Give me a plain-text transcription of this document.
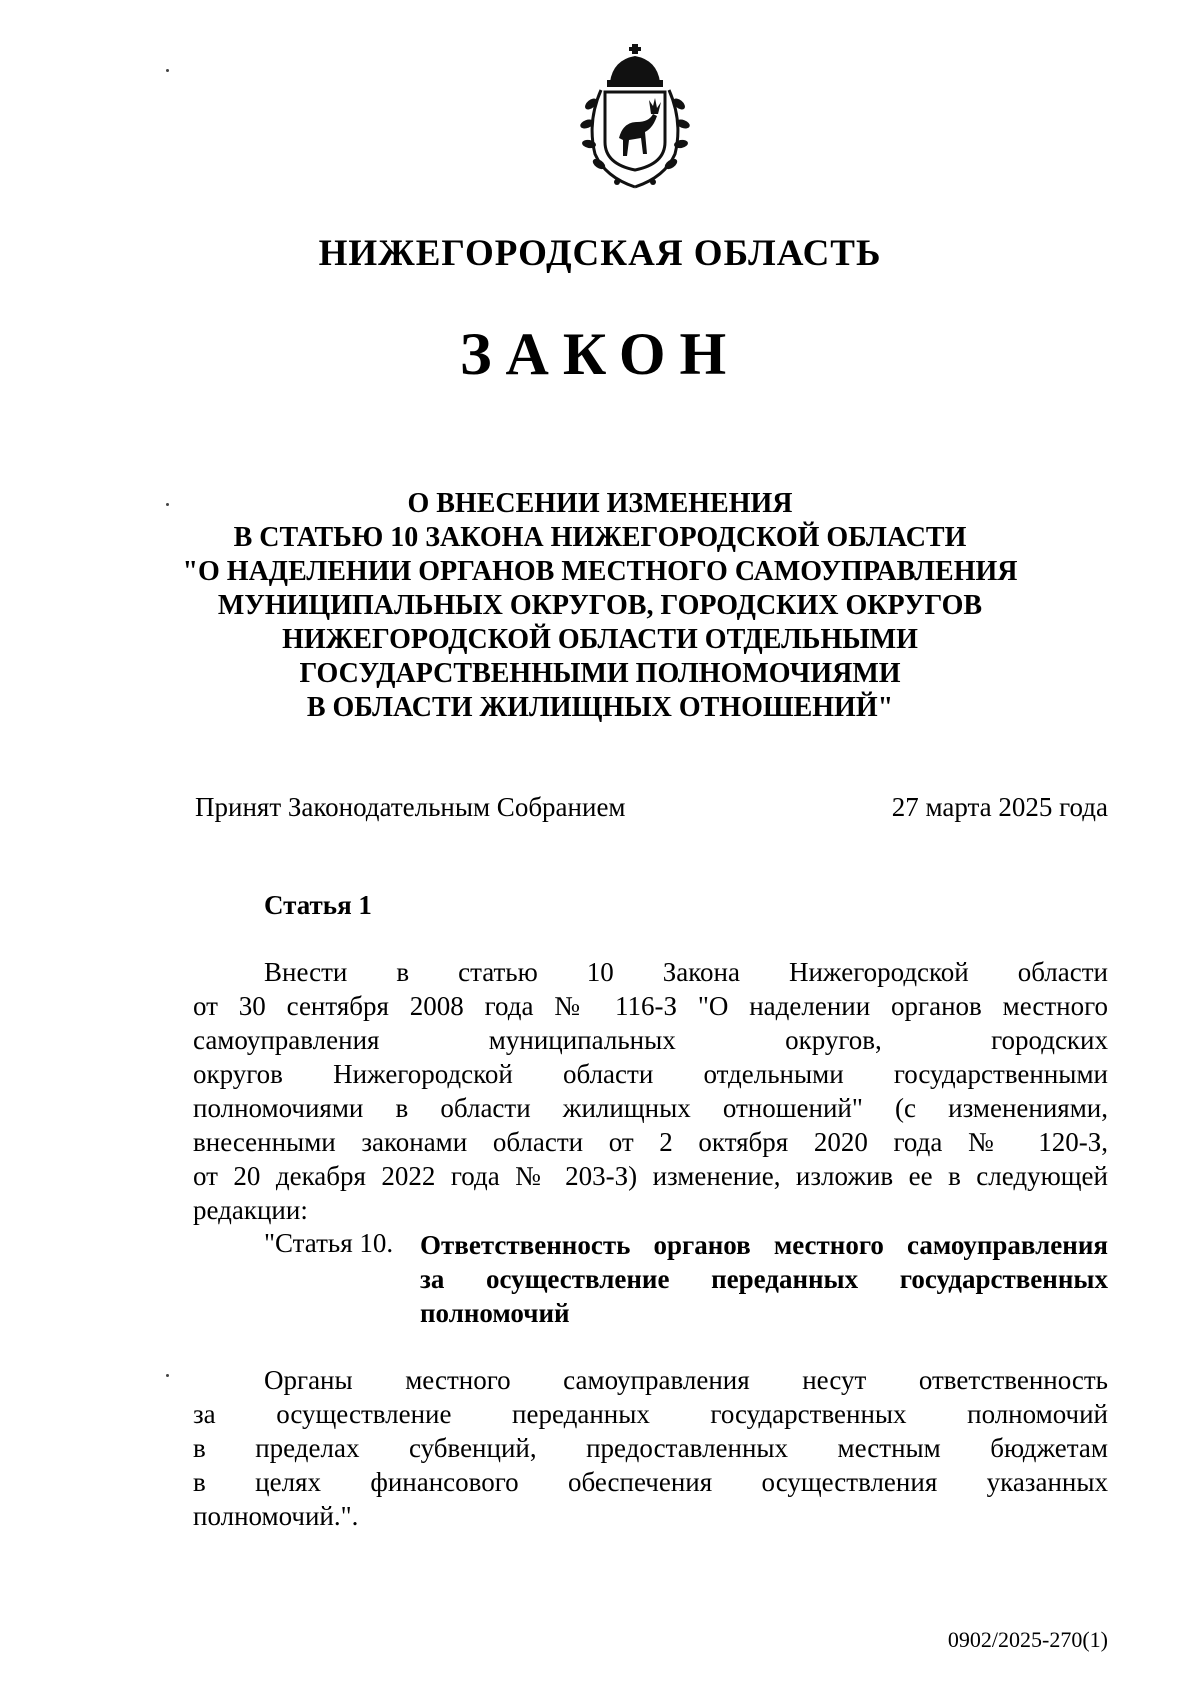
НИЖЕГОРОДСКАЯ ОБЛАСТЬ
ЗАКОН
О ВНЕСЕНИИ ИЗМЕНЕНИЯ
В СТАТЬЮ 10 ЗАКОНА НИЖЕГОРОДСКОЙ ОБЛАСТИ
"О НАДЕЛЕНИИ ОРГАНОВ МЕСТНОГО САМОУПРАВЛЕНИЯ
МУНИЦИПАЛЬНЫХ ОКРУГОВ, ГОРОДСКИХ ОКРУГОВ
НИЖЕГОРОДСКОЙ ОБЛАСТИ ОТДЕЛЬНЫМИ
ГОСУДАРСТВЕННЫМИ ПОЛНОМОЧИЯМИ
В ОБЛАСТИ ЖИЛИЩНЫХ ОТНОШЕНИЙ"
Принят Законодательным Собранием	27 марта 2025 года
Статья 1
Внести в статью 10 Закона Нижегородской области
от 30 сентября 2008 года № 116-З "О наделении органов местного
самоуправления муниципальных округов, городских
округов Нижегородской области отдельными государственными
полномочиями в области жилищных отношений" (с изменениями,
внесенными законами области от 2 октября 2020 года № 120-З,
от 20 декабря 2022 года № 203-З) изменение, изложив ее в следующей
редакции:
"Статья 10. Ответственность органов местного самоуправления
за осуществление переданных государственных
полномочий
Органы местного самоуправления несут ответственность
за осуществление переданных государственных полномочий
в пределах субвенций, предоставленных местным бюджетам
в целях финансового обеспечения осуществления указанных
полномочий.".
0902/2025-270(1)
